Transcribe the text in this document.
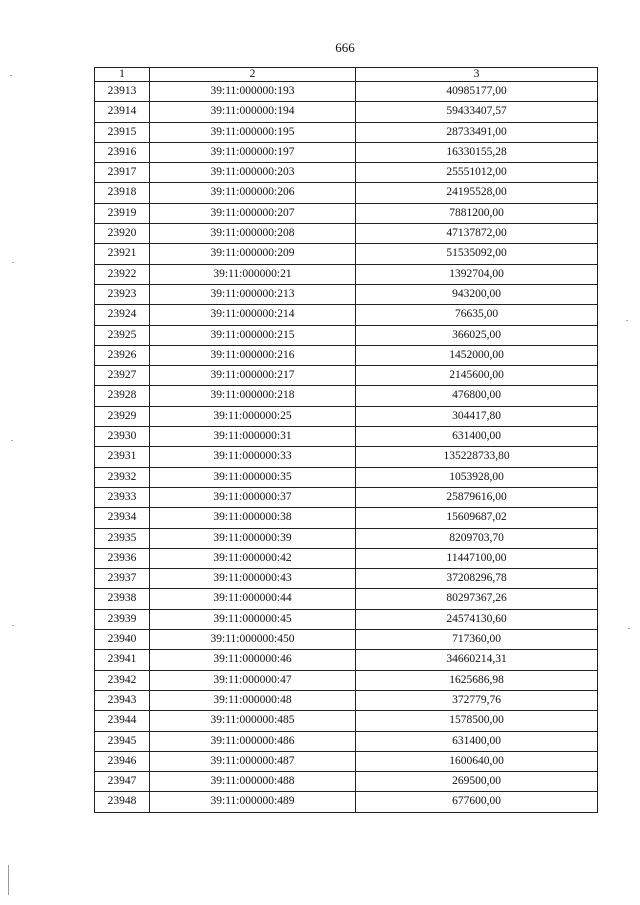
666
1	2	3
23913	39:11:000000:193	40985177,00
23914	39:11:000000:194	59433407,57
23915	39:11:000000:195	28733491,00
23916	39:11:000000:197	16330155,28
23917	39:11:000000:203	25551012,00
23918	39:11:000000:206	24195528,00
23919	39:11:000000:207	7881200,00
23920	39:11:000000:208	47137872,00
23921	39:11:000000:209	51535092,00
23922	39:11:000000:21	1392704,00
23923	39:11:000000:213	943200,00
23924	39:11:000000:214	76635,00
23925	39:11:000000:215	366025,00
23926	39:11:000000:216	1452000,00
23927	39:11:000000:217	2145600,00
23928	39:11:000000:218	476800,00
23929	39:11:000000:25	304417,80
23930	39:11:000000:31	631400,00
23931	39:11:000000:33	135228733,80
23932	39:11:000000:35	1053928,00
23933	39:11:000000:37	25879616,00
23934	39:11:000000:38	15609687,02
23935	39:11:000000:39	8209703,70
23936	39:11:000000:42	11447100,00
23937	39:11:000000:43	37208296,78
23938	39:11:000000:44	80297367,26
23939	39:11:000000:45	24574130,60
23940	39:11:000000:450	717360,00
23941	39:11:000000:46	34660214,31
23942	39:11:000000:47	1625686,98
23943	39:11:000000:48	372779,76
23944	39:11:000000:485	1578500,00
23945	39:11:000000:486	631400,00
23946	39:11:000000:487	1600640,00
23947	39:11:000000:488	269500,00
23948	39:11:000000:489	677600,00
